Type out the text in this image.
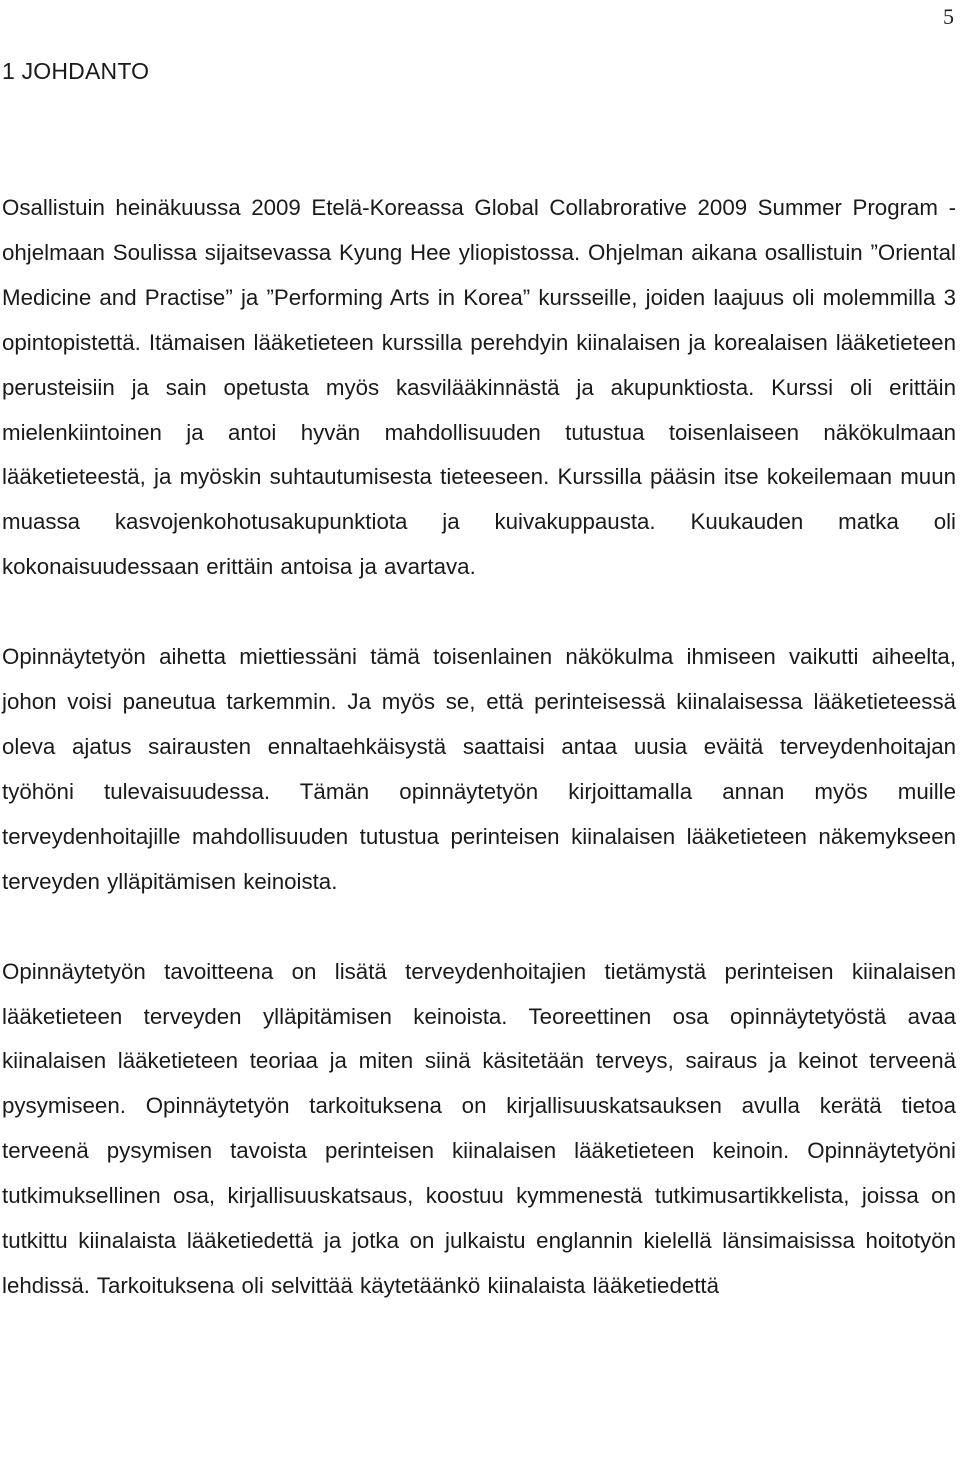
5
1 JOHDANTO

Osallistuin heinäkuussa 2009 Etelä-Koreassa Global Collabrorative 2009 Summer Program -ohjelmaan Soulissa sijaitsevassa Kyung Hee yliopistossa. Ohjelman aikana osallistuin ”Oriental Medicine and Practise” ja ”Performing Arts in Korea” kursseille, joiden laajuus oli molemmilla 3 opintopistettä. Itämaisen lääketieteen kurssilla perehdyin kiinalaisen ja korealaisen lääketieteen perusteisiin ja sain opetusta myös kasvilääkinnästä ja akupunktiosta. Kurssi oli erittäin mielenkiintoinen ja antoi hyvän mahdollisuuden tutustua toisenlaiseen näkökulmaan lääketieteestä, ja myöskin suhtautumisesta tieteeseen. Kurssilla pääsin itse kokeilemaan muun muassa kasvojenkohotusakupunktiota ja kuivakuppausta. Kuukauden matka oli kokonaisuudessaan erittäin antoisa ja avartava.

Opinnäytetyön aihetta miettiessäni tämä toisenlainen näkökulma ihmiseen vaikutti aiheelta, johon voisi paneutua tarkemmin. Ja myös se, että perinteisessä kiinalaisessa lääketieteessä oleva ajatus sairausten ennaltaehkäisystä saattaisi antaa uusia eväitä terveydenhoitajan työhöni tulevaisuudessa. Tämän opinnäytetyön kirjoittamalla annan myös muille terveydenhoitajille mahdollisuuden tutustua perinteisen kiinalaisen lääketieteen näkemykseen terveyden ylläpitämisen keinoista.

Opinnäytetyön tavoitteena on lisätä terveydenhoitajien tietämystä perinteisen kiinalaisen lääketieteen terveyden ylläpitämisen keinoista. Teoreettinen osa opinnäytetyöstä avaa kiinalaisen lääketieteen teoriaa ja miten siinä käsitetään terveys, sairaus ja keinot terveenä pysymiseen. Opinnäytetyön tarkoituksena on kirjallisuuskatsauksen avulla kerätä tietoa terveenä pysymisen tavoista perinteisen kiinalaisen lääketieteen keinoin. Opinnäytetyöni tutkimuksellinen osa, kirjallisuuskatsaus, koostuu kymmenestä tutkimusartikkelista, joissa on tutkittu kiinalaista lääketiedettä ja jotka on julkaistu englannin kielellä länsimaisissa hoitotyön lehdissä. Tarkoituksena oli selvittää käytetäänkö kiinalaista lääketiedettä
